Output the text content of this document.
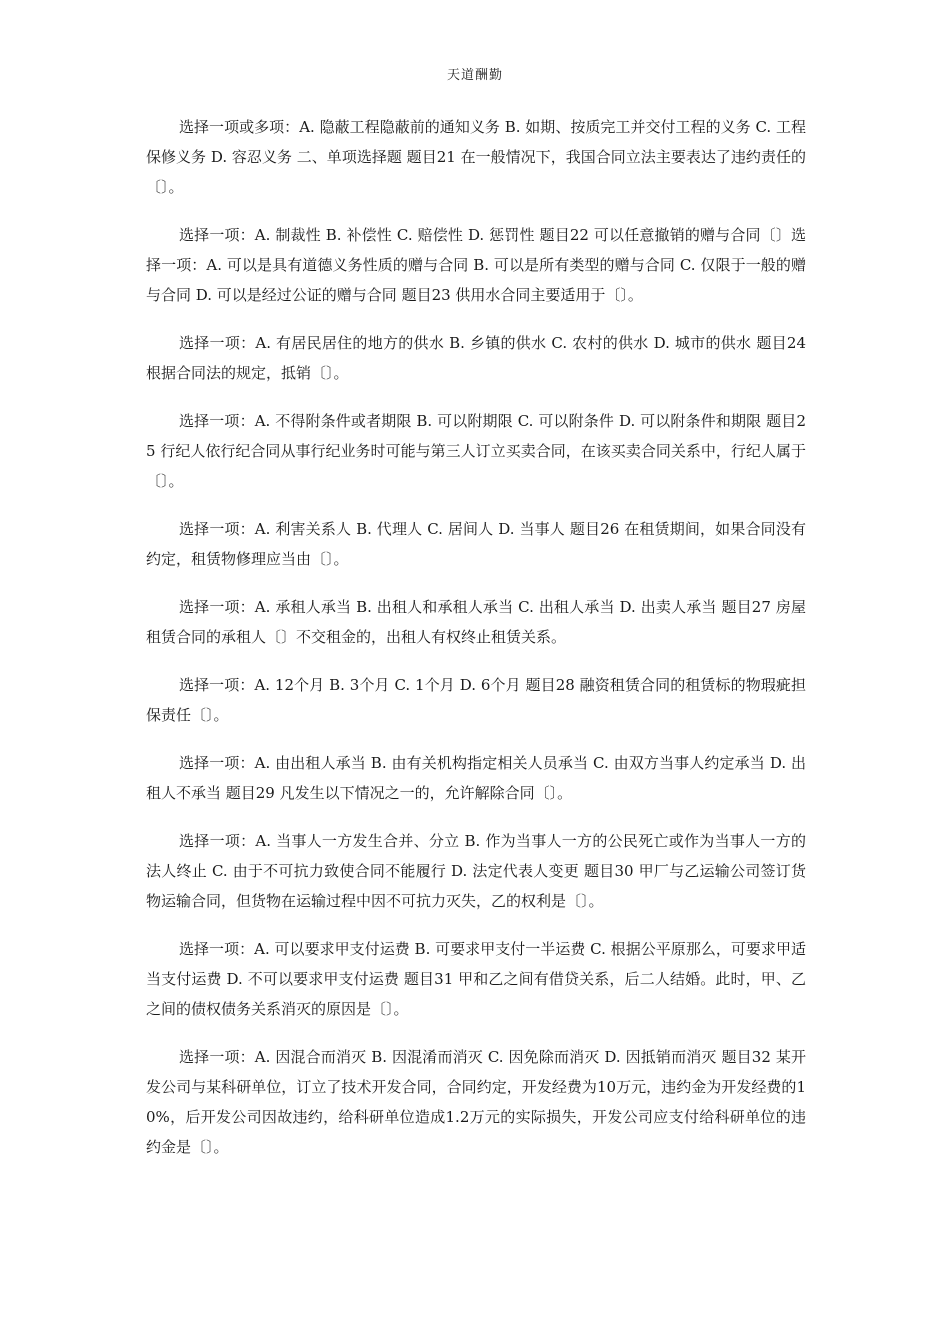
天道酬勤

选择一项或多项：A. 隐蔽工程隐蔽前的通知义务 B. 如期、按质完工并交付工程的义务 C. 工程保修义务 D. 容忍义务 二、单项选择题 题目21 在一般情况下，我国合同立法主要表达了违约责任的〔〕。

选择一项：A. 制裁性 B. 补偿性 C. 赔偿性 D. 惩罚性 题目22 可以任意撤销的赠与合同〔〕选择一项：A. 可以是具有道德义务性质的赠与合同 B. 可以是所有类型的赠与合同 C. 仅限于一般的赠与合同 D. 可以是经过公证的赠与合同 题目23 供用水合同主要适用于〔〕。

选择一项：A. 有居民居住的地方的供水 B. 乡镇的供水 C. 农村的供水 D. 城市的供水 题目24 根据合同法的规定，抵销〔〕。

选择一项：A. 不得附条件或者期限 B. 可以附期限 C. 可以附条件 D. 可以附条件和期限 题目25 行纪人依行纪合同从事行纪业务时可能与第三人订立买卖合同，在该买卖合同关系中，行纪人属于〔〕。

选择一项：A. 利害关系人 B. 代理人 C. 居间人 D. 当事人 题目26 在租赁期间，如果合同没有约定，租赁物修理应当由〔〕。

选择一项：A. 承租人承当 B. 出租人和承租人承当 C. 出租人承当 D. 出卖人承当 题目27 房屋租赁合同的承租人〔〕不交租金的，出租人有权终止租赁关系。

选择一项：A. 12个月 B. 3个月 C. 1个月 D. 6个月 题目28 融资租赁合同的租赁标的物瑕疵担保责任〔〕。

选择一项：A. 由出租人承当 B. 由有关机构指定相关人员承当 C. 由双方当事人约定承当 D. 出租人不承当 题目29 凡发生以下情况之一的，允许解除合同〔〕。

选择一项：A. 当事人一方发生合并、分立 B. 作为当事人一方的公民死亡或作为当事人一方的法人终止 C. 由于不可抗力致使合同不能履行 D. 法定代表人变更 题目30 甲厂与乙运输公司签订货物运输合同，但货物在运输过程中因不可抗力灭失，乙的权利是〔〕。

选择一项：A. 可以要求甲支付运费 B. 可要求甲支付一半运费 C. 根据公平原那么，可要求甲适当支付运费 D. 不可以要求甲支付运费 题目31 甲和乙之间有借贷关系，后二人结婚。此时，甲、乙之间的债权债务关系消灭的原因是〔〕。

选择一项：A. 因混合而消灭 B. 因混淆而消灭 C. 因免除而消灭 D. 因抵销而消灭 题目32 某开发公司与某科研单位，订立了技术开发合同，合同约定，开发经费为10万元，违约金为开发经费的10%，后开发公司因故违约，给科研单位造成1.2万元的实际损失，开发公司应支付给科研单位的违约金是〔〕。
